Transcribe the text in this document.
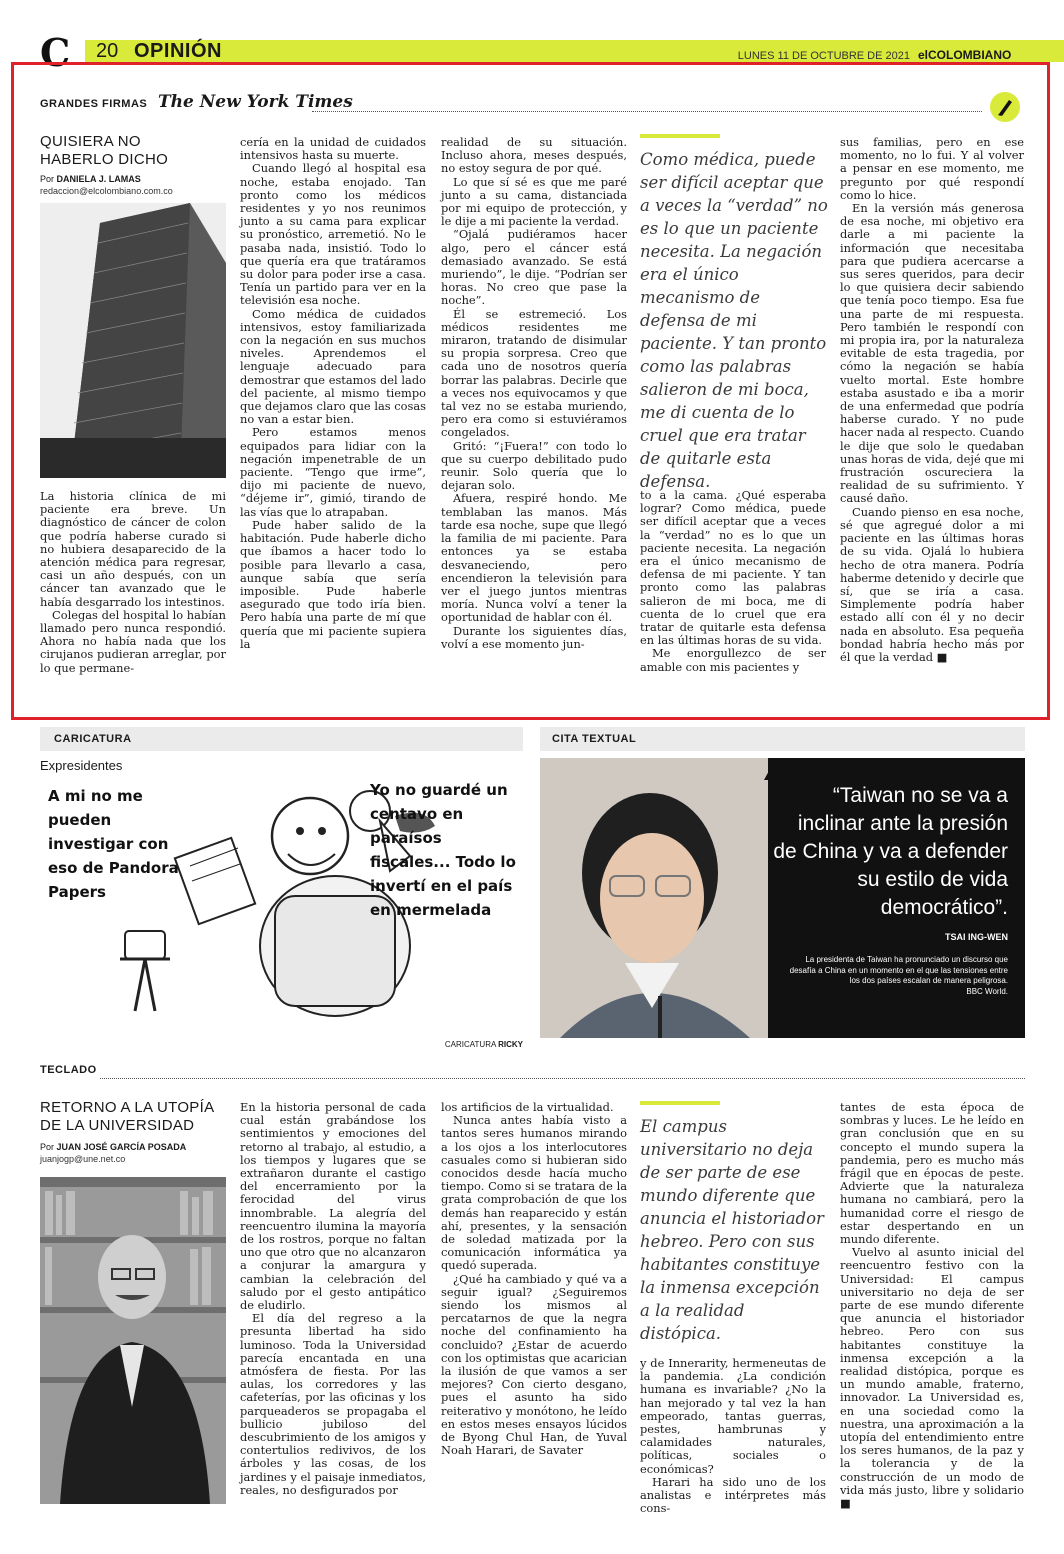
C	20 OPINIÓN	LUNES 11 DE OCTUBRE DE 2021 elCOLOMBIANO
GRANDES FIRMAS The New York Times
QUISIERA NO HABERLO DICHO
Por DANIELA J. LAMAS
redaccion@elcolombiano.com.co

La historia clínica de mi paciente era breve. Un diagnóstico de cáncer de colon que podría haberse curado si no hubiera desaparecido de la atención médica para regresar, casi un año después, con un cáncer tan avanzado que le había desgarrado los intestinos.

Colegas del hospital lo habían llamado pero nunca respondió. Ahora no había nada que los cirujanos pudieran arreglar, por lo que permane-

cería en la unidad de cuidados intensivos hasta su muerte.

Cuando llegó al hospital esa noche, estaba enojado. Tan pronto como los médicos residentes y yo nos reunimos junto a su cama para explicar su pronóstico, arremetió. No le pasaba nada, insistió. Todo lo que quería era que tratáramos su dolor para poder irse a casa. Tenía un partido para ver en la televisión esa noche.

Como médica de cuidados intensivos, estoy familiarizada con la negación en sus muchos niveles. Aprendemos el lenguaje adecuado para demostrar que estamos del lado del paciente, al mismo tiempo que dejamos claro que las cosas no van a estar bien.

Pero estamos menos equipados para lidiar con la negación impenetrable de un paciente. “Tengo que irme”, dijo mi paciente de nuevo, “déjeme ir”, gimió, tirando de las vías que lo atrapaban.

Pude haber salido de la habitación. Pude haberle dicho que íbamos a hacer todo lo posible para llevarlo a casa, aunque sabía que sería imposible. Pude haberle asegurado que todo iría bien. Pero había una parte de mí que quería que mi paciente supiera la

realidad de su situación. Incluso ahora, meses después, no estoy segura de por qué.

Lo que sí sé es que me paré junto a su cama, distanciada por mi equipo de protección, y le dije a mi paciente la verdad.

“Ojalá pudiéramos hacer algo, pero el cáncer está demasiado avanzado. Se está muriendo”, le dije. “Podrían ser horas. No creo que pase la noche”.

Él se estremeció. Los médicos residentes me miraron, tratando de disimular su propia sorpresa. Creo que cada uno de nosotros quería borrar las palabras. Decirle que a veces nos equivocamos y que tal vez no se estaba muriendo, pero era como si estuviéramos congelados.

Gritó: “¡Fuera!” con todo lo que su cuerpo debilitado pudo reunir. Solo quería que lo dejaran solo.

Afuera, respiré hondo. Me temblaban las manos. Más tarde esa noche, supe que llegó la familia de mi paciente. Para entonces ya se estaba desvaneciendo, pero encendieron la televisión para ver el juego juntos mientras moría. Nunca volví a tener la oportunidad de hablar con él.

Durante los siguientes días, volví a ese momento jun-

Como médica, puede ser difícil aceptar que a veces la “verdad” no es lo que un paciente necesita. La negación era el único mecanismo de defensa de mi paciente. Y tan pronto como las palabras salieron de mi boca, me di cuenta de lo cruel que era tratar de quitarle esta defensa.

to a la cama. ¿Qué esperaba lograr? Como médica, puede ser difícil aceptar que a veces la “verdad” no es lo que un paciente necesita. La negación era el único mecanismo de defensa de mi paciente. Y tan pronto como las palabras salieron de mi boca, me di cuenta de lo cruel que era tratar de quitarle esta defensa en las últimas horas de su vida.

Me enorgullezco de ser amable con mis pacientes y

sus familias, pero en ese momento, no lo fui. Y al volver a pensar en ese momento, me pregunto por qué respondí como lo hice.

En la versión más generosa de esa noche, mi objetivo era darle a mi paciente la información que necesitaba para que pudiera acercarse a sus seres queridos, para decir lo que quisiera decir sabiendo que tenía poco tiempo. Esa fue una parte de mi respuesta. Pero también le respondí con mi propia ira, por la naturaleza evitable de esta tragedia, por cómo la negación se había vuelto mortal. Este hombre estaba asustado e iba a morir de una enfermedad que podría haberse curado. Y no pude hacer nada al respecto. Cuando le dije que solo le quedaban unas horas de vida, dejé que mi frustración oscureciera la realidad de su sufrimiento. Y causé daño.

Cuando pienso en esa noche, sé que agregué dolor a mi paciente en las últimas horas de su vida. Ojalá lo hubiera hecho de otra manera. Podría haberme detenido y decirle que sí, que se iría a casa. Simplemente podría haber estado allí con él y no decir nada en absoluto. Esa pequeña bondad habría hecho más por él que la verdad ■

CARICATURA
Expresidentes
A mi no me pueden investigar con eso de Pandora Papers
Yo no guardé un centavo en paraísos fiscales... Todo lo invertí en el país en mermelada
CARICATURA RICKY
CITA TEXTUAL
“Taiwan no se va a inclinar ante la presión de China y va a defender su estilo de vida democrático”.
TSAI ING-WEN
La presidenta de Taiwan ha pronunciado un discurso que desafía a China en un momento en el que las tensiones entre los dos países escalan de manera peligrosa.
BBC World.
TECLADO
RETORNO A LA UTOPÍA DE LA UNIVERSIDAD
Por JUAN JOSÉ GARCÍA POSADA
juanjogp@une.net.co

En la historia personal de cada cual están grabándose los sentimientos y emociones del retorno al trabajo, al estudio, a los tiempos y lugares que se extrañaron durante el castigo del encerramiento por la ferocidad del virus innombrable. La alegría del reencuentro ilumina la mayoría de los rostros, porque no faltan uno que otro que no alcanzaron a conjurar la amargura y cambian la celebración del saludo por el gesto antipático de eludirlo.

El día del regreso a la presunta libertad ha sido luminoso. Toda la Universidad parecía encantada en una atmósfera de fiesta. Por las aulas, los corredores y las cafeterías, por las oficinas y los parqueaderos se propagaba el bullicio jubiloso del descubrimiento de los amigos y contertulios redivivos, de los árboles y las cosas, de los jardines y el paisaje inmediatos, reales, no desfigurados por

los artificios de la virtualidad.

Nunca antes había visto a tantos seres humanos mirando a los ojos a los interlocutores casuales como si hubieran sido conocidos desde hacía mucho tiempo. Como si se tratara de la grata comprobación de que los demás han reaparecido y están ahí, presentes, y la sensación de soledad matizada por la comunicación informática ya quedó superada.

¿Qué ha cambiado y qué va a seguir igual? ¿Seguiremos siendo los mismos al percatarnos de que la negra noche del confinamiento ha concluido? ¿Estar de acuerdo con los optimistas que acarician la ilusión de que vamos a ser mejores? Con cierto desgano, pues el asunto ha sido reiterativo y monótono, he leído en estos meses ensayos lúcidos de Byong Chul Han, de Yuval Noah Harari, de Savater

El campus universitario no deja de ser parte de ese mundo diferente que anuncia el historiador hebreo. Pero con sus habitantes constituye la inmensa excepción a la realidad distópica.

y de Innerarity, hermeneutas de la pandemia. ¿La condición humana es invariable? ¿No la han mejorado y tal vez la han empeorado, tantas guerras, pestes, hambrunas y calamidades naturales, políticas, sociales o económicas?

Harari ha sido uno de los analistas e intérpretes más cons-

tantes de esta época de sombras y luces. Le he leído en gran conclusión que en su concepto el mundo supera la pandemia, pero es mucho más frágil que en épocas de peste. Advierte que la naturaleza humana no cambiará, pero la humanidad corre el riesgo de estar despertando en un mundo diferente.

Vuelvo al asunto inicial del reencuentro festivo con la Universidad: El campus universitario no deja de ser parte de ese mundo diferente que anuncia el historiador hebreo. Pero con sus habitantes constituye la inmensa excepción a la realidad distópica, porque es un mundo amable, fraterno, innovador. La Universidad es, en una sociedad como la nuestra, una aproximación a la utopía del entendimiento entre los seres humanos, de la paz y la tolerancia y de la construcción de un modo de vida más justo, libre y solidario ■
